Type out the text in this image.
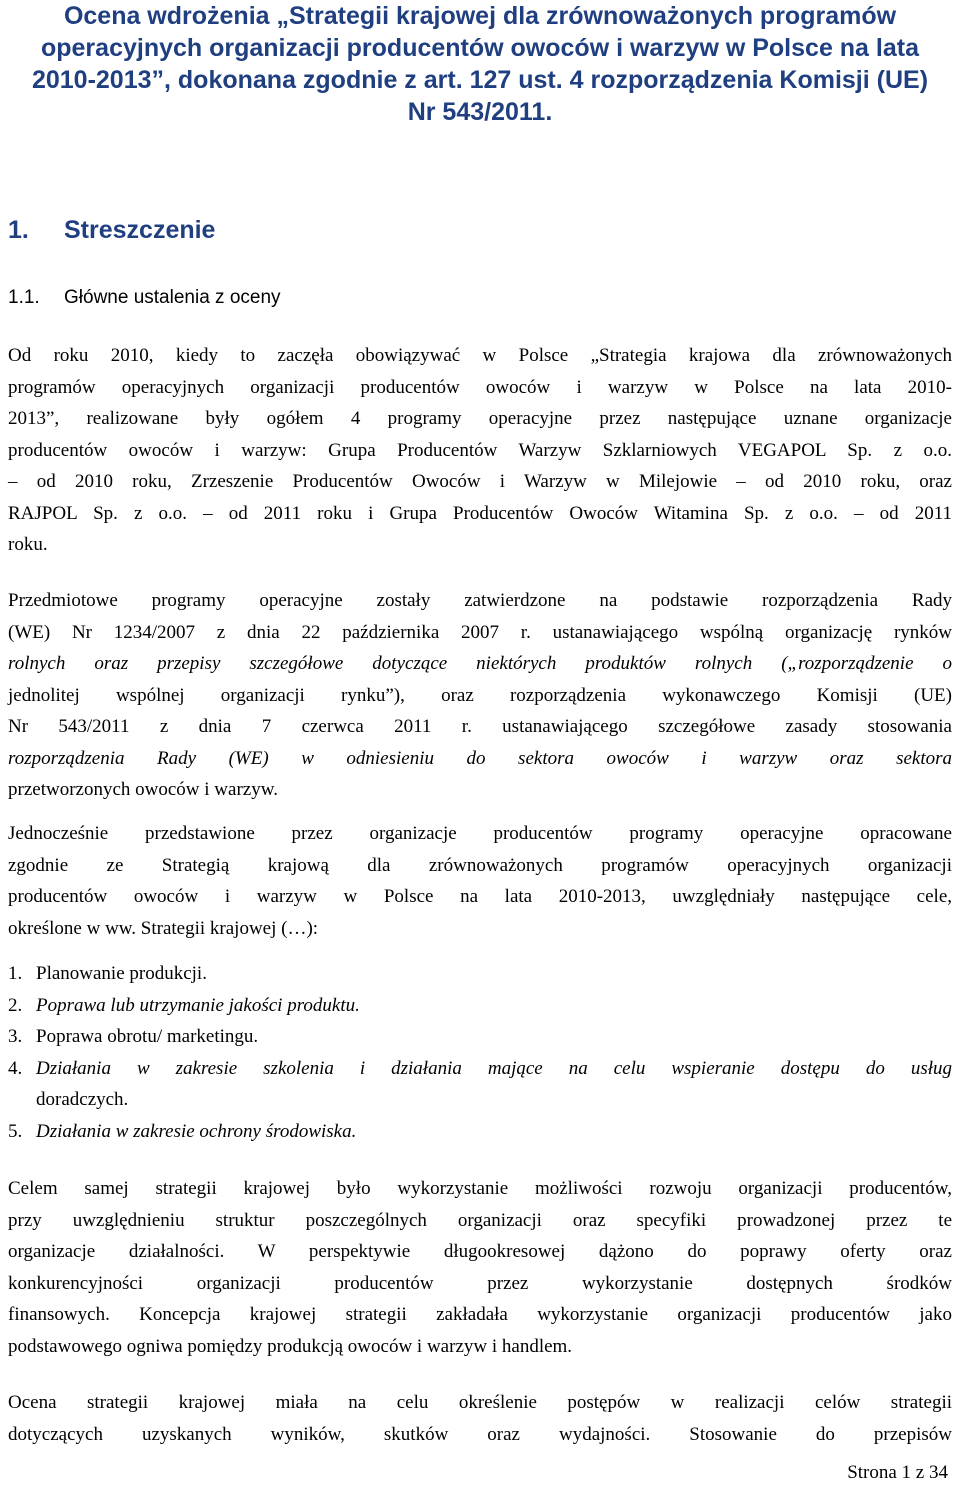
Ocena wdrożenia „Strategii krajowej dla zrównoważonych programów
operacyjnych organizacji producentów owoców i warzyw w Polsce na lata
2010-2013”, dokonana zgodnie z art. 127 ust. 4 rozporządzenia Komisji (UE)
Nr 543/2011.
1. Streszczenie
1.1. Główne ustalenia z oceny
Od roku 2010, kiedy to zaczęła obowiązywać w Polsce „Strategia krajowa dla zrównoważonych
programów operacyjnych organizacji producentów owoców i warzyw w Polsce na lata 2010-
2013”, realizowane były ogółem 4 programy operacyjne przez następujące uznane organizacje
producentów owoców i warzyw: Grupa Producentów Warzyw Szklarniowych VEGAPOL Sp. z o.o.
– od 2010 roku, Zrzeszenie Producentów Owoców i Warzyw w Milejowie – od 2010 roku, oraz
RAJPOL Sp. z o.o. – od 2011 roku i Grupa Producentów Owoców Witamina Sp. z o.o. – od 2011
roku.
Przedmiotowe programy operacyjne zostały zatwierdzone na podstawie rozporządzenia Rady
(WE) Nr 1234/2007 z dnia 22 października 2007 r. ustanawiającego wspólną organizację rynków
rolnych oraz przepisy szczegółowe dotyczące niektórych produktów rolnych („rozporządzenie o
jednolitej wspólnej organizacji rynku”), oraz rozporządzenia wykonawczego Komisji (UE)
Nr 543/2011 z dnia 7 czerwca 2011 r. ustanawiającego szczegółowe zasady stosowania
rozporządzenia Rady (WE) w odniesieniu do sektora owoców i warzyw oraz sektora
przetworzonych owoców i warzyw.
Jednocześnie przedstawione przez organizacje producentów programy operacyjne opracowane
zgodnie ze Strategią krajową dla zrównoważonych programów operacyjnych organizacji
producentów owoców i warzyw w Polsce na lata 2010-2013, uwzględniały następujące cele,
określone w ww. Strategii krajowej (…):
1. Planowanie produkcji.
2. Poprawa lub utrzymanie jakości produktu.
3. Poprawa obrotu/ marketingu.
4. Działania w zakresie szkolenia i działania mające na celu wspieranie dostępu do usług
doradczych.
5. Działania w zakresie ochrony środowiska.
Celem samej strategii krajowej było wykorzystanie możliwości rozwoju organizacji producentów,
przy uwzględnieniu struktur poszczególnych organizacji oraz specyfiki prowadzonej przez te
organizacje działalności. W perspektywie długookresowej dążono do poprawy oferty oraz
konkurencyjności organizacji producentów przez wykorzystanie dostępnych środków
finansowych. Koncepcja krajowej strategii zakładała wykorzystanie organizacji producentów jako
podstawowego ogniwa pomiędzy produkcją owoców i warzyw i handlem.
Ocena strategii krajowej miała na celu określenie postępów w realizacji celów strategii
dotyczących uzyskanych wyników, skutków oraz wydajności. Stosowanie do przepisów
Strona 1 z 34
